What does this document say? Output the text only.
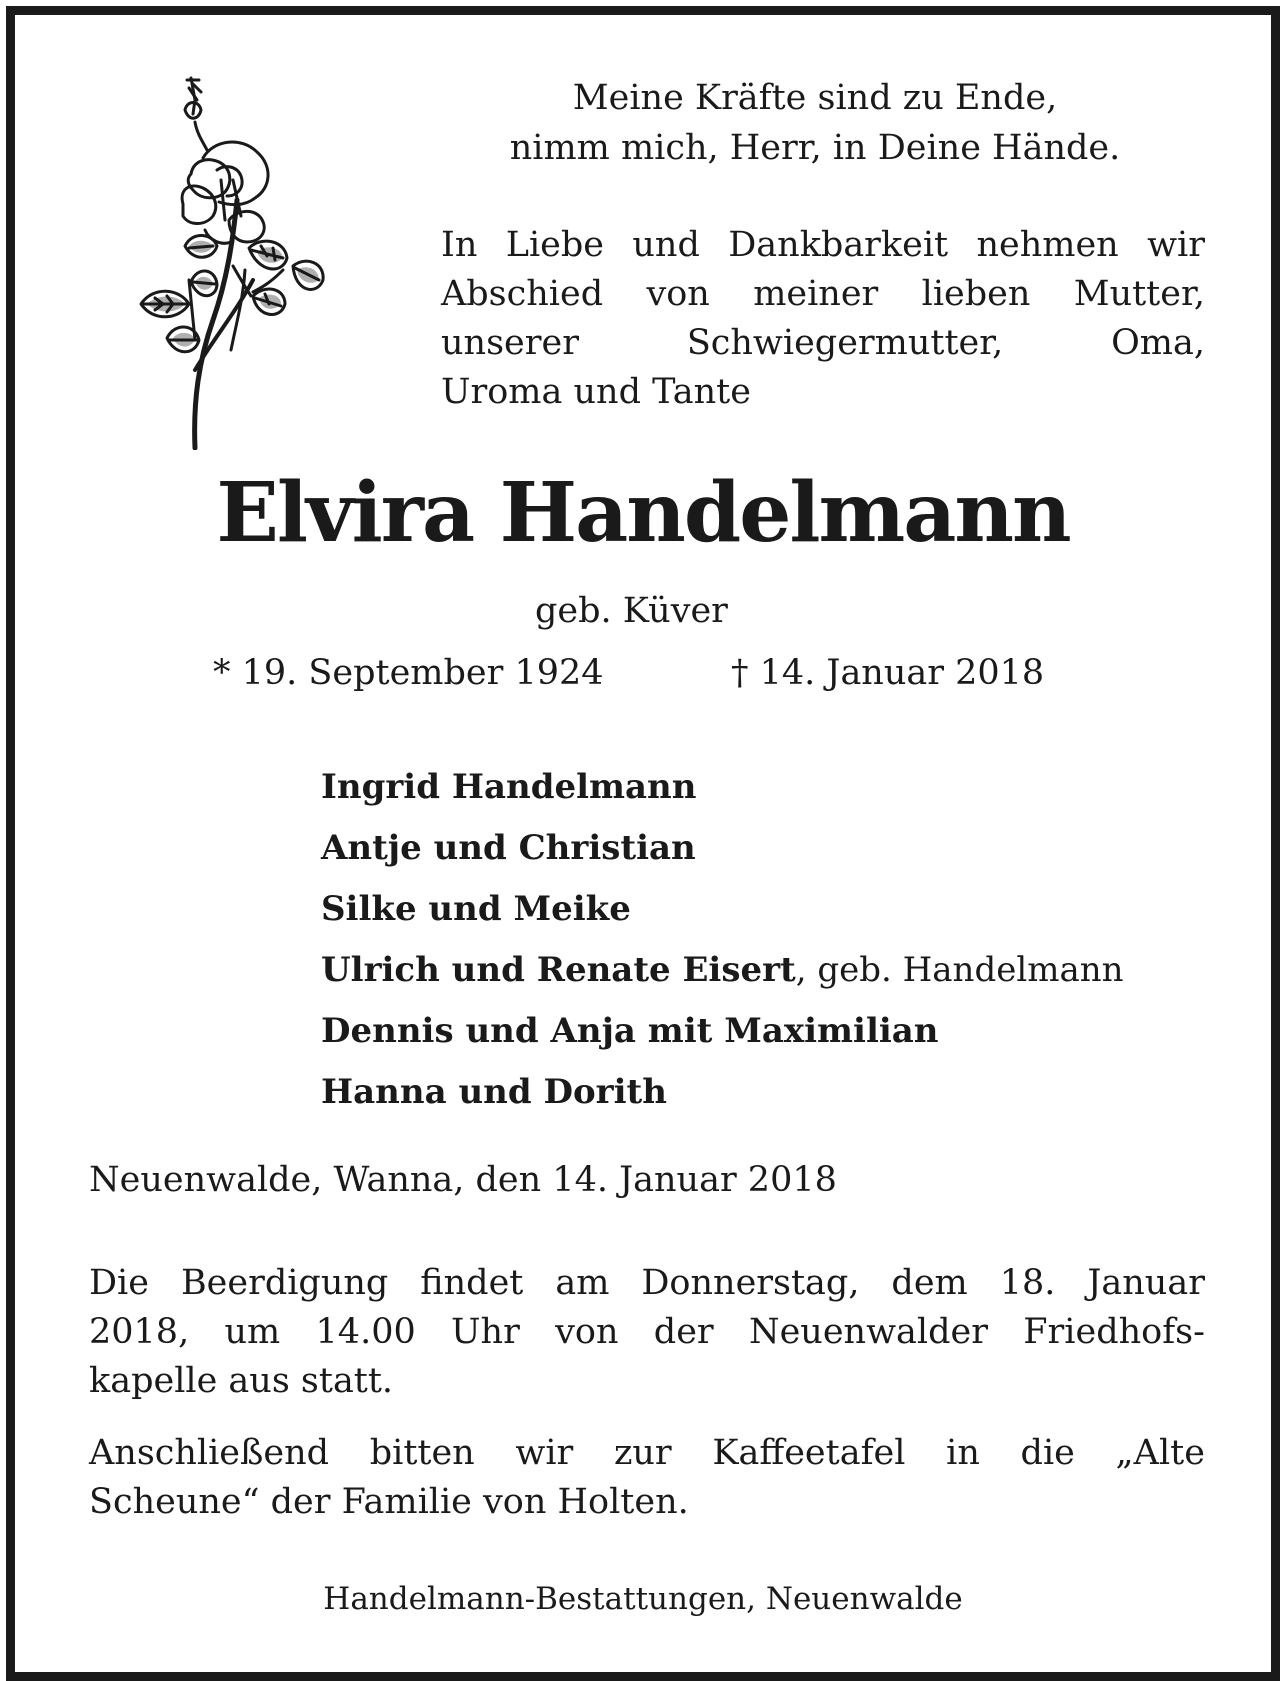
Meine Kräfte sind zu Ende,
nimm mich, Herr, in Deine Hände.
In Liebe und Dankbarkeit nehmen wir
Abschied von meiner lieben Mutter,
unserer	Schwiegermutter,	Oma,
Uroma und Tante
Elvira Handelmann
geb. Küver
* 19. September 1924	† 14. Januar 2018
Ingrid Handelmann
Antje und Christian
Silke und Meike
Ulrich und Renate Eisert, geb. Handelmann
Dennis und Anja mit Maximilian
Hanna und Dorith
Neuenwalde, Wanna, den 14. Januar 2018
Die Beerdigung findet am Donnerstag, dem 18. Januar
2018, um 14.00 Uhr von der Neuenwalder Friedhofs-
kapelle aus statt.
Anschließend bitten wir zur Kaffeetafel in die „Alte
Scheune“ der Familie von Holten.
Handelmann-Bestattungen, Neuenwalde
